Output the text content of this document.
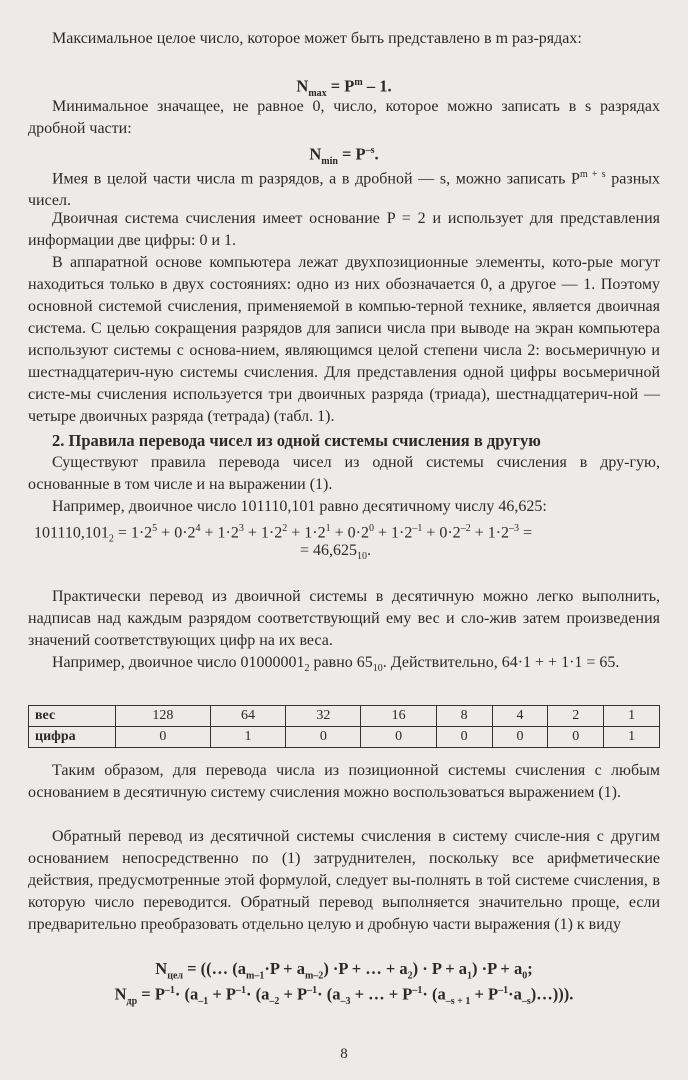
Максимальное целое число, которое может быть представлено в m раз-рядах:

$N_{max} = P^m - 1$.

Минимальное значащее, не равное 0, число, которое можно записать в s разрядах дробной части:

$N_{min} = P^{-s}$.

Имея в целой части числа m разрядов, а в дробной — s, можно записать $P^{m + s}$ разных чисел.

Двоичная система счисления имеет основание P = 2 и использует для представления информации две цифры: 0 и 1.

В аппаратной основе компьютера лежат двухпозиционные элементы, кото-рые могут находиться только в двух состояниях: одно из них обозначается 0, а другое — 1. Поэтому основной системой счисления, применяемой в компью-терной технике, является двоичная система. С целью сокращения разрядов для записи числа при выводе на экран компьютера используют системы с основа-нием, являющимся целой степени числа 2: восьмеричную и шестнадцатерич-ную системы счисления. Для представления одной цифры восьмеричной систе-мы счисления используется три двоичных разряда (триада), шестнадцатерич-ной — четыре двоичных разряда (тетрада) (табл. 1).

2. Правила перевода чисел из одной системы счисления в другую

Существуют правила перевода чисел из одной системы счисления в дру-гую, основанные в том числе и на выражении (1).

Например, двоичное число 101110,101 равно десятичному числу 46,625:

$101110,101_2 = 1\cdot 2^5 + 0\cdot 2^4 + 1\cdot 2^3 + 1\cdot 2^2 + 1\cdot 2^1 + 0\cdot 2^0 + 1\cdot 2^{-1} + 0\cdot 2^{-2} + 1\cdot 2^{-3}$ =

= $46,625_{10}$.

Практически перевод из двоичной системы в десятичную можно легко выполнить, надписав над каждым разрядом соответствующий ему вес и сло-жив затем произведения значений соответствующих цифр на их веса.

Например, двоичное число $01000001_2$ равно $65_{10}$. Действительно, 64·1 + + 1·1 = 65.

вес	128	64	32	16	8	4	2	1
цифра	0	1	0	0	0	0	0	1

Таким образом, для перевода числа из позиционной системы счисления с любым основанием в десятичную систему счисления можно воспользоваться выражением (1).

Обратный перевод из десятичной системы счисления в систему счисле-ния с другим основанием непосредственно по (1) затруднителен, поскольку все арифметические действия, предусмотренные этой формулой, следует вы-полнять в той системе счисления, в которую число переводится. Обратный перевод выполняется значительно проще, если предварительно преобразовать отдельно целую и дробную части выражения (1) к виду

$N_{цел}$ = ((… $(a_{m-1}\cdot P + a_{m-2}) \cdot P$ + … + $a_2) \cdot P + a_1) \cdot P + a_0$;

$N_{др} = P^{-1}\cdot (a_{-1} + P^{-1}\cdot (a_{-2} + P^{-1}\cdot (a_{-3}$ + … + $P^{-1}\cdot (a_{-s + 1}$ + $P^{-1}\cdot a_{-s})\dots$))).

8
